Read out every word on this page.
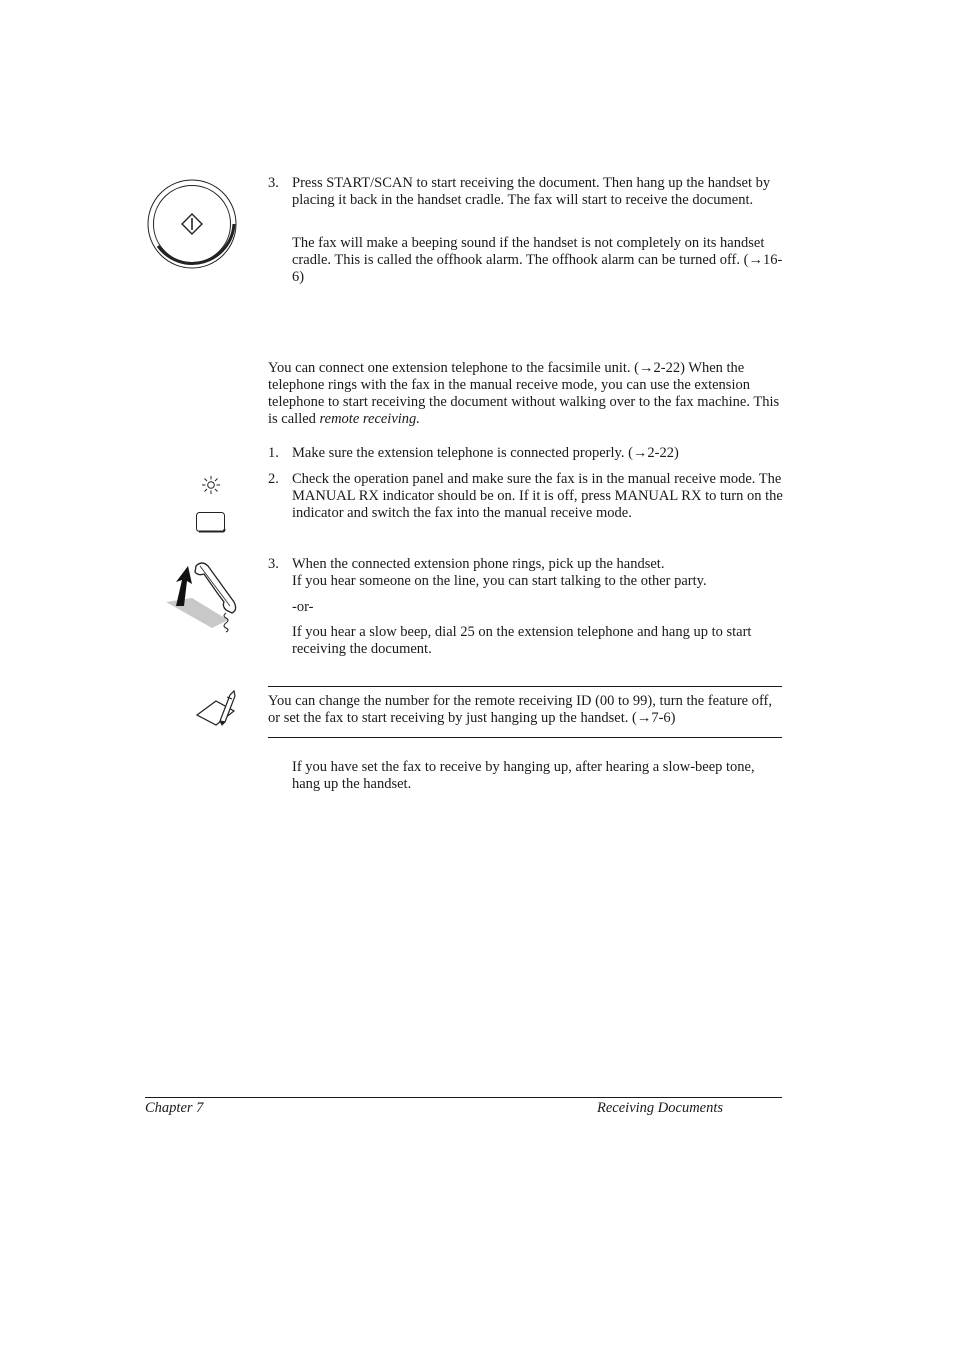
3. Press START/SCAN to start receiving the document. Then hang up the handset by placing it back in the handset cradle. The fax will start to receive the document.
The fax will make a beeping sound if the handset is not completely on its handset cradle. This is called the offhook alarm. The offhook alarm can be turned off. (→16-6)
You can connect one extension telephone to the facsimile unit. (→2-22) When the telephone rings with the fax in the manual receive mode, you can use the extension telephone to start receiving the document without walking over to the fax machine. This is called remote receiving.
1. Make sure the extension telephone is connected properly. (→2-22)
2. Check the operation panel and make sure the fax is in the manual receive mode. The MANUAL RX indicator should be on. If it is off, press MANUAL RX to turn on the indicator and switch the fax into the manual receive mode.
3. When the connected extension phone rings, pick up the handset.
If you hear someone on the line, you can start talking to the other party.
-or-
If you hear a slow beep, dial 25 on the extension telephone and hang up to start receiving the document.
You can change the number for the remote receiving ID (00 to 99), turn the feature off, or set the fax to start receiving by just hanging up the handset. (→7-6)
If you have set the fax to receive by hanging up, after hearing a slow-beep tone, hang up the handset.
Chapter 7	Receiving Documents
